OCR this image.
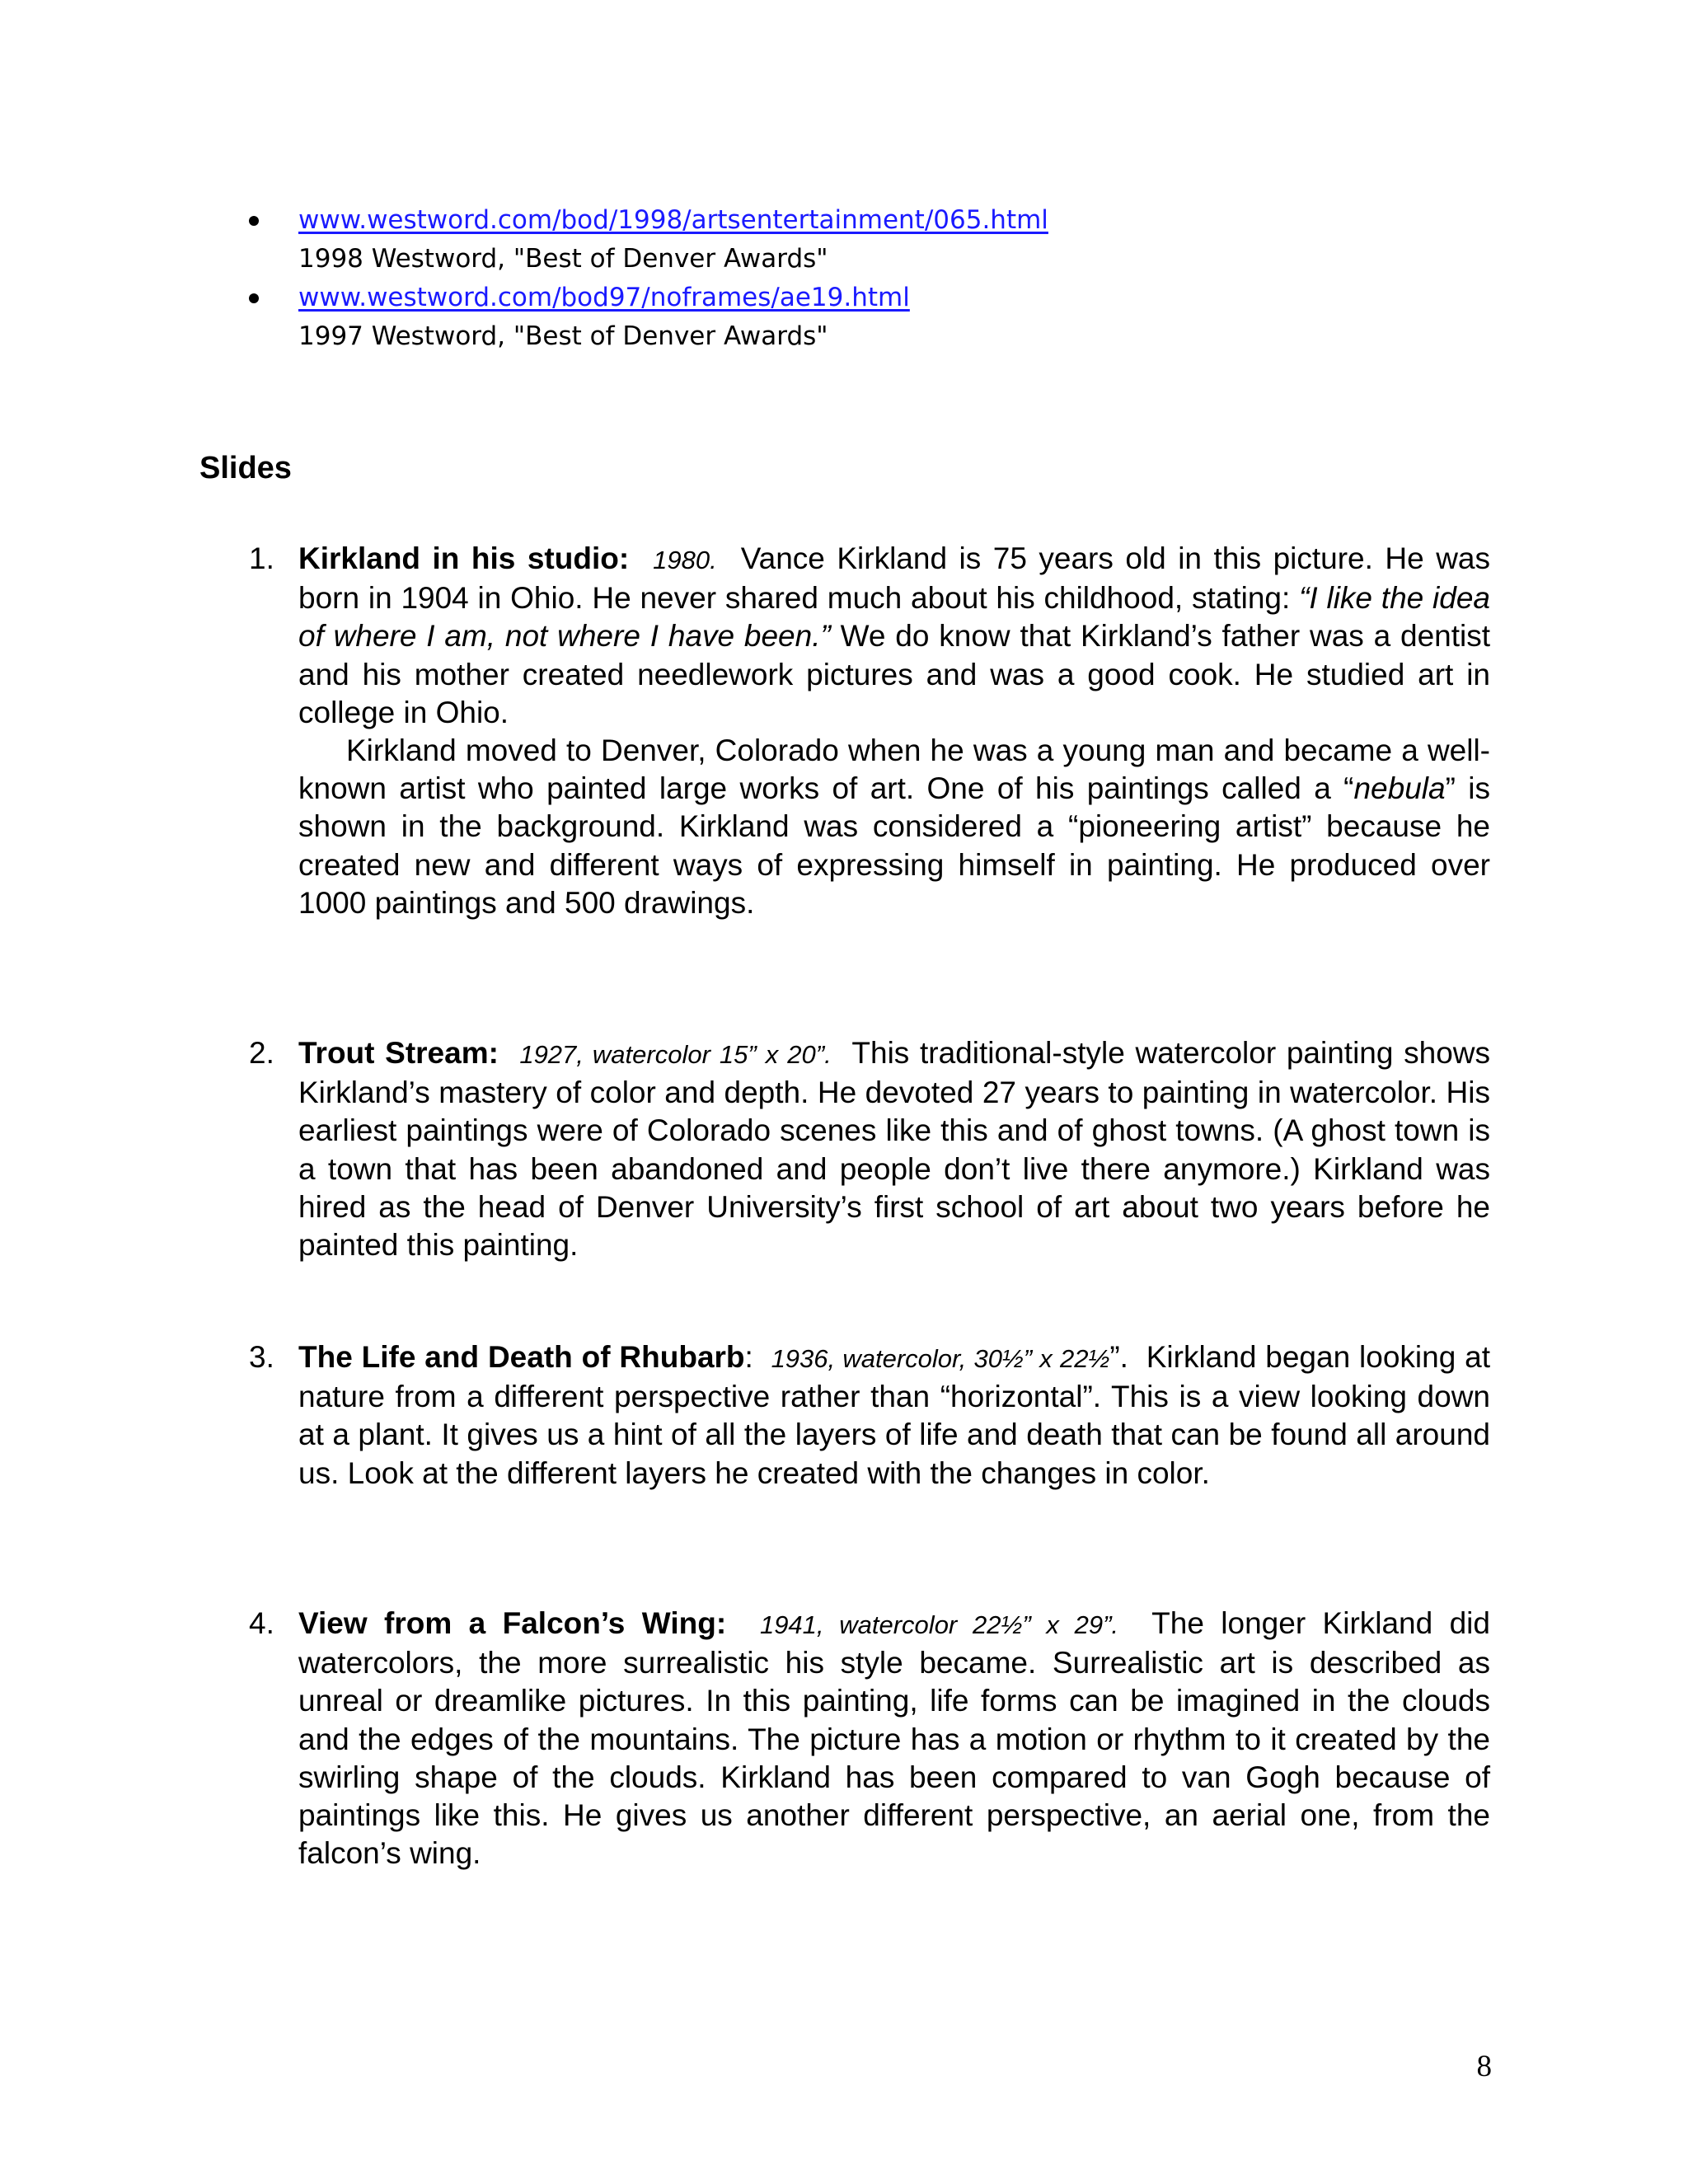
www.westword.com/bod/1998/artsentertainment/065.html
1998 Westword, "Best of Denver Awards"
www.westword.com/bod97/noframes/ae19.html
1997 Westword, "Best of Denver Awards"
Slides

1. Kirkland in his studio: 1980. Vance Kirkland is 75 years old in this picture. He was born in 1904 in Ohio. He never shared much about his childhood, stating: “I like the idea of where I am, not where I have been.” We do know that Kirkland’s father was a dentist and his mother created needlework pictures and was a good cook. He studied art in college in Ohio.

Kirkland moved to Denver, Colorado when he was a young man and became a well-known artist who painted large works of art. One of his paintings called a “nebula” is shown in the background. Kirkland was considered a “pioneering artist” because he created new and different ways of expressing himself in painting. He produced over 1000 paintings and 500 drawings.

2. Trout Stream: 1927, watercolor 15” x 20”. This traditional-style watercolor painting shows Kirkland’s mastery of color and depth. He devoted 27 years to painting in watercolor. His earliest paintings were of Colorado scenes like this and of ghost towns. (A ghost town is a town that has been abandoned and people don’t live there anymore.) Kirkland was hired as the head of Denver University’s first school of art about two years before he painted this painting.

3. The Life and Death of Rhubarb: 1936, watercolor, 30½” x 22½”. Kirkland began looking at nature from a different perspective rather than “horizontal”. This is a view looking down at a plant. It gives us a hint of all the layers of life and death that can be found all around us. Look at the different layers he created with the changes in color.

4. View from a Falcon’s Wing: 1941, watercolor 22½” x 29”. The longer Kirkland did watercolors, the more surrealistic his style became. Surrealistic art is described as unreal or dreamlike pictures. In this painting, life forms can be imagined in the clouds and the edges of the mountains. The picture has a motion or rhythm to it created by the swirling shape of the clouds. Kirkland has been compared to van Gogh because of paintings like this. He gives us another different perspective, an aerial one, from the falcon’s wing.

8
